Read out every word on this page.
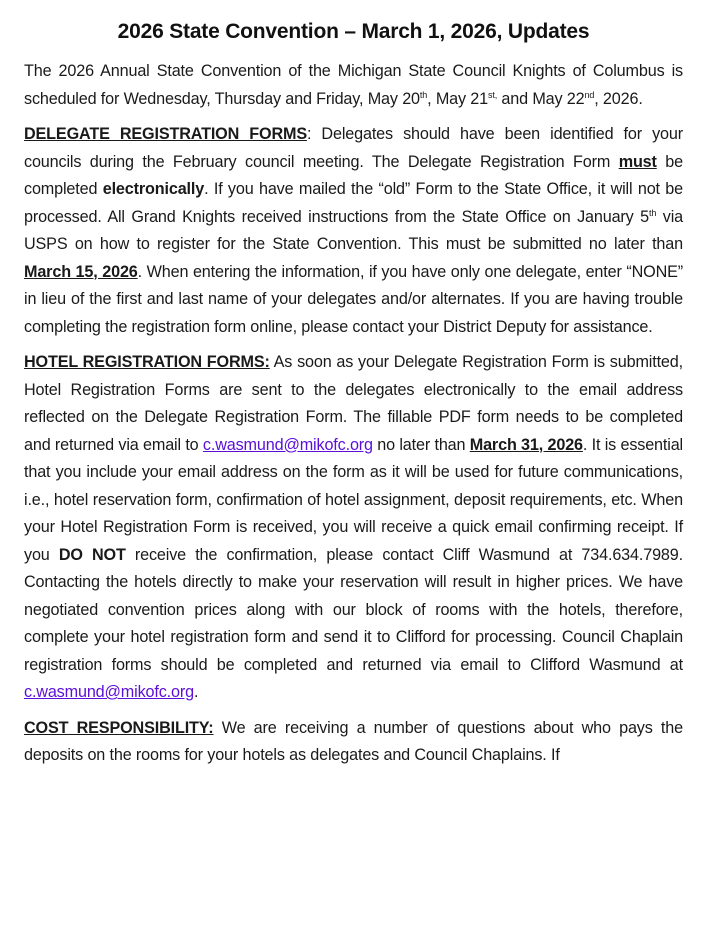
2026 State Convention – March 1, 2026, Updates

The 2026 Annual State Convention of the Michigan State Council Knights of Columbus is scheduled for Wednesday, Thursday and Friday, May 20th, May $21^{st,}$ and May 22nd, 2026.

DELEGATE REGISTRATION FORMS: Delegates should have been identified for your councils during the February council meeting. The Delegate Registration Form must be completed electronically. If you have mailed the “old” Form to the State Office, it will not be processed. All Grand Knights received instructions from the State Office on January 5th via USPS on how to register for the State Convention. This must be submitted no later than March 15, 2026. When entering the information, if you have only one delegate, enter “NONE” in lieu of the first and last name of your delegates and/or alternates. If you are having trouble completing the registration form online, please contact your District Deputy for assistance.

HOTEL REGISTRATION FORMS: As soon as your Delegate Registration Form is submitted, Hotel Registration Forms are sent to the delegates electronically to the email address reflected on the Delegate Registration Form. The fillable PDF form needs to be completed and returned via email to c.wasmund@mikofc.org no later than March 31, 2026. It is essential that you include your email address on the form as it will be used for future communications, i.e., hotel reservation form, confirmation of hotel assignment, deposit requirements, etc. When your Hotel Registration Form is received, you will receive a quick email confirming receipt. If you DO NOT receive the confirmation, please contact Cliff Wasmund at 734.634.7989. Contacting the hotels directly to make your reservation will result in higher prices. We have negotiated convention prices along with our block of rooms with the hotels, therefore, complete your hotel registration form and send it to Clifford for processing. Council Chaplain registration forms should be completed and returned via email to Clifford Wasmund at c.wasmund@mikofc.org.

COST RESPONSIBILITY: We are receiving a number of questions about who pays the deposits on the rooms for your hotels as delegates and Council Chaplains. If
